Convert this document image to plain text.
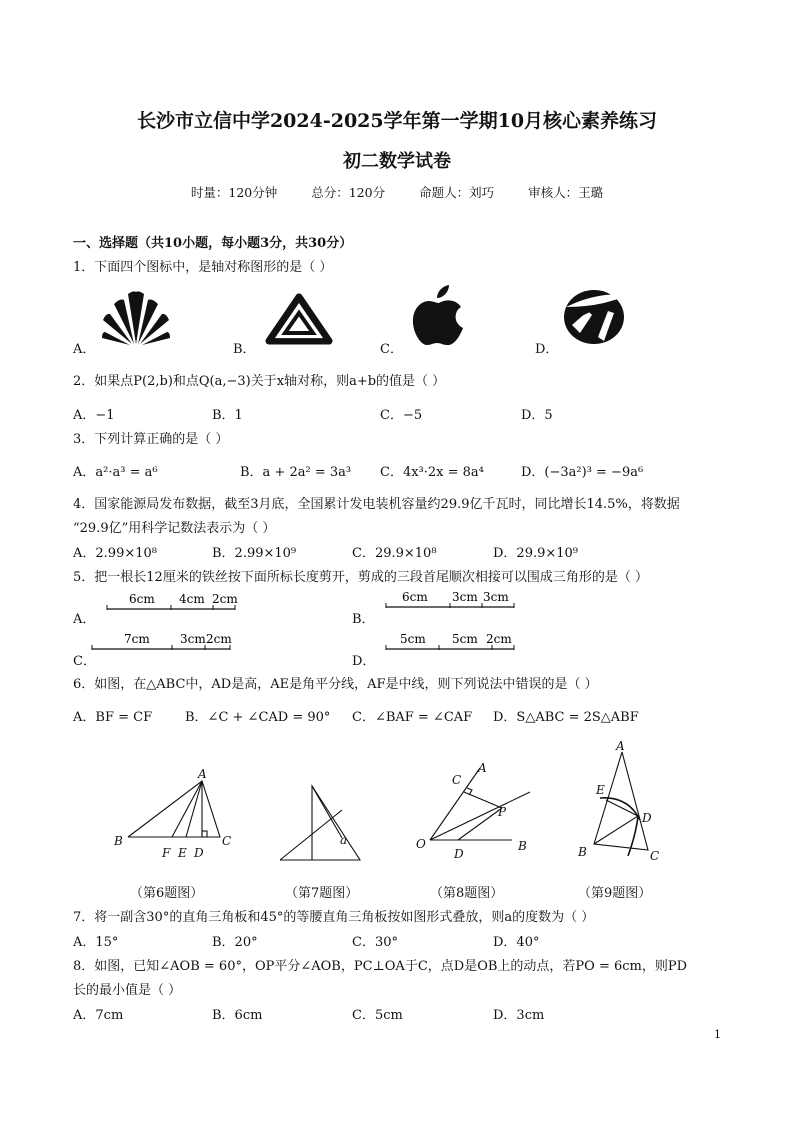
长沙市立信中学2024-2025学年第一学期10月核心素养练习
初二数学试卷
时量：120分钟	总分：120分	命题人：刘巧	审核人：王璐
一、选择题（共10小题，每小题3分，共30分）
1．下面四个图标中，是轴对称图形的是（ ）
A．	B．	C．	D．
2．如果点P(2,b)和点Q(a,−3)关于x轴对称，则a+b的值是（ ）
A．−1	B．1	C．−5	D．5
3．下列计算正确的是（ ）
A．a²·a³ = a⁶	B．a + 2a² = 3a³ C．4x³·2x = 8a⁴	D．(−3a²)³ = −9a⁶
4．国家能源局发布数据，截至3月底，全国累计发电装机容量约29.9亿千瓦时，同比增长14.5%，将数据
“29.9亿”用科学记数法表示为（ ）
A．2.99×10⁸	B．2.99×10⁹	C．29.9×10⁸	D．29.9×10⁹
5．把一根长12厘米的铁丝按下面所标长度剪开，剪成的三段首尾顺次相接可以围成三角形的是（ ）
A．
6cm 4cm 2cm
B．
6cm 3cm 3cm
C．
7cm	3cm 2cm
D．
5cm 5cm 2cm
6．如图，在△ABC中，AD是高，AE是角平分线，AF是中线，则下列说法中错误的是（ ）
A．BF = CF	B．∠C + ∠CAD = 90° C．∠BAF = ∠CAF D．S△ABC = 2S△ABF
A
B
F E D
C	a
C
A
P
O
D
B
A
E
D
B	C
（第6题图）	（第7题图）	（第8题图）	（第9题图）
7．将一副含30°的直角三角板和45°的等腰直角三角板按如图形式叠放，则a的度数为（ ）
A．15°	B．20°	C．30°	D．40°
8．如图，已知∠AOB = 60°，OP平分∠AOB，PC⊥OA于C，点D是OB上的动点，若PO = 6cm，则PD
长的最小值是（ ）
A．7cm	B．6cm	C．5cm	D．3cm
1
